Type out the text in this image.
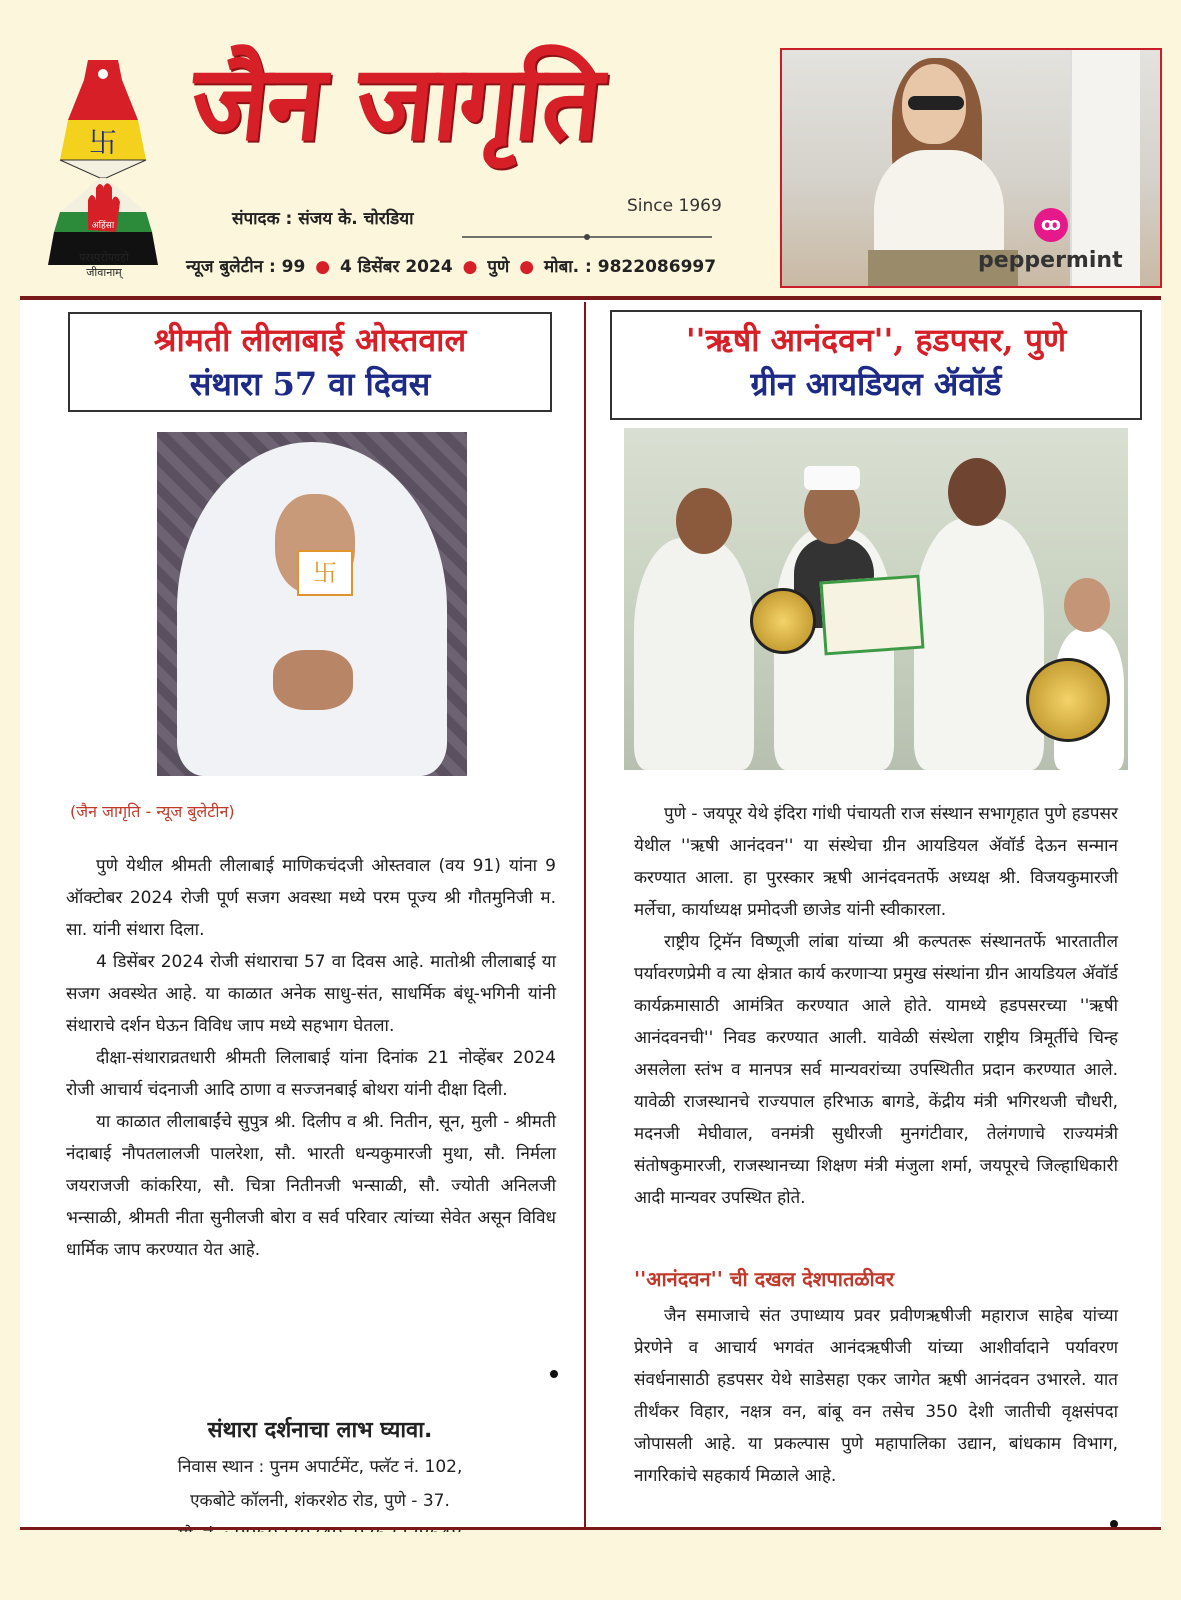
卐
अहिंसा
परस्परोपग्रहो
जीवानाम्
जैन जागृति
संपादक : संजय के. चोरडिया
Since 1969
न्यूज बुलेटीन : 99 ● 4 डिसेंबर 2024 ● पुणे ● मोबा. : 9822086997
ꝏ
peppermint
श्रीमती लीलाबाई ओस्तवाल
संथारा 57 वा दिवस
卐
(जैन जागृति - न्यूज बुलेटीन)

पुणे येथील श्रीमती लीलाबाई माणिकचंदजी ओस्तवाल (वय 91) यांना 9 ऑक्टोबर 2024 रोजी पूर्ण सजग अवस्था मध्ये परम पूज्य श्री गौतमुनिजी म. सा. यांनी संथारा दिला.

4 डिसेंबर 2024 रोजी संथाराचा 57 वा दिवस आहे. मातोश्री लीलाबाई या सजग अवस्थेत आहे. या काळात अनेक साधु-संत, साधर्मिक बंधू-भगिनी यांनी संथाराचे दर्शन घेऊन विविध जाप मध्ये सहभाग घेतला.

दीक्षा-संथाराव्रतधारी श्रीमती लिलाबाई यांना दिनांक 21 नोव्हेंबर 2024 रोजी आचार्य चंदनाजी आदि ठाणा व सज्जनबाई बोथरा यांनी दीक्षा दिली.

या काळात लीलाबाईंचे सुपुत्र श्री. दिलीप व श्री. नितीन, सून, मुली - श्रीमती नंदाबाई नौपतलालजी पालरेशा, सौ. भारती धन्यकुमारजी मुथा, सौ. निर्मला जयराजजी कांकरिया, सौ. चित्रा नितीनजी भन्साळी, सौ. ज्योती अनिलजी भन्साळी, श्रीमती नीता सुनीलजी बोरा व सर्व परिवार त्यांच्या सेवेत असून विविध धार्मिक जाप करण्यात येत आहे.

संथारा दर्शनाचा लाभ घ्यावा.
निवास स्थान : पुनम अपार्टमेंट, फ्लॅट नं. 102,
एकबोटे कॉलनी, शंकरशेठ रोड, पुणे - 37.
''ऋषी आनंदवन'', हडपसर, पुणे
ग्रीन आयडियल ॲवॉर्ड

पुणे - जयपूर येथे इंदिरा गांधी पंचायती राज संस्थान सभागृहात पुणे हडपसर येथील ''ऋषी आनंदवन'' या संस्थेचा ग्रीन आयडियल ॲवॉर्ड देऊन सन्मान करण्यात आला. हा पुरस्कार ऋषी आनंदवनतर्फे अध्यक्ष श्री. विजयकुमारजी मर्लेचा, कार्याध्यक्ष प्रमोदजी छाजेड यांनी स्वीकारला.

राष्ट्रीय ट्रिमॅन विष्णूजी लांबा यांच्या श्री कल्पतरू संस्थानतर्फे भारतातील पर्यावरणप्रेमी व त्या क्षेत्रात कार्य करणाऱ्या प्रमुख संस्थांना ग्रीन आयडियल ॲवॉर्ड कार्यक्रमासाठी आमंत्रित करण्यात आले होते. यामध्ये हडपसरच्या ''ऋषी आनंदवनची'' निवड करण्यात आली. यावेळी संस्थेला राष्ट्रीय त्रिमूर्तीचे चिन्ह असलेला स्तंभ व मानपत्र सर्व मान्यवरांच्या उपस्थितीत प्रदान करण्यात आले. यावेळी राजस्थानचे राज्यपाल हरिभाऊ बागडे, केंद्रीय मंत्री भगिरथजी चौधरी, मदनजी मेघीवाल, वनमंत्री सुधीरजी मुनगंटीवार, तेलंगणाचे राज्यमंत्री संतोषकुमारजी, राजस्थानच्या शिक्षण मंत्री मंजुला शर्मा, जयपूरचे जिल्हाधिकारी आदी मान्यवर उपस्थित होते.

''आनंदवन'' ची दखल देशपातळीवर

जैन समाजाचे संत उपाध्याय प्रवर प्रवीणऋषीजी महाराज साहेब यांच्या प्रेरणेने व आचार्य भगवंत आनंदऋषीजी यांच्या आशीर्वादाने पर्यावरण संवर्धनासाठी हडपसर येथे साडेसहा एकर जागेत ऋषी आनंदवन उभारले. यात तीर्थंकर विहार, नक्षत्र वन, बांबू वन तसेच 350 देशी जातीची वृक्षसंपदा जोपासली आहे. या प्रकल्पास पुणे महापालिका उद्यान, बांधकाम विभाग, नागरिकांचे सहकार्य मिळाले आहे.
